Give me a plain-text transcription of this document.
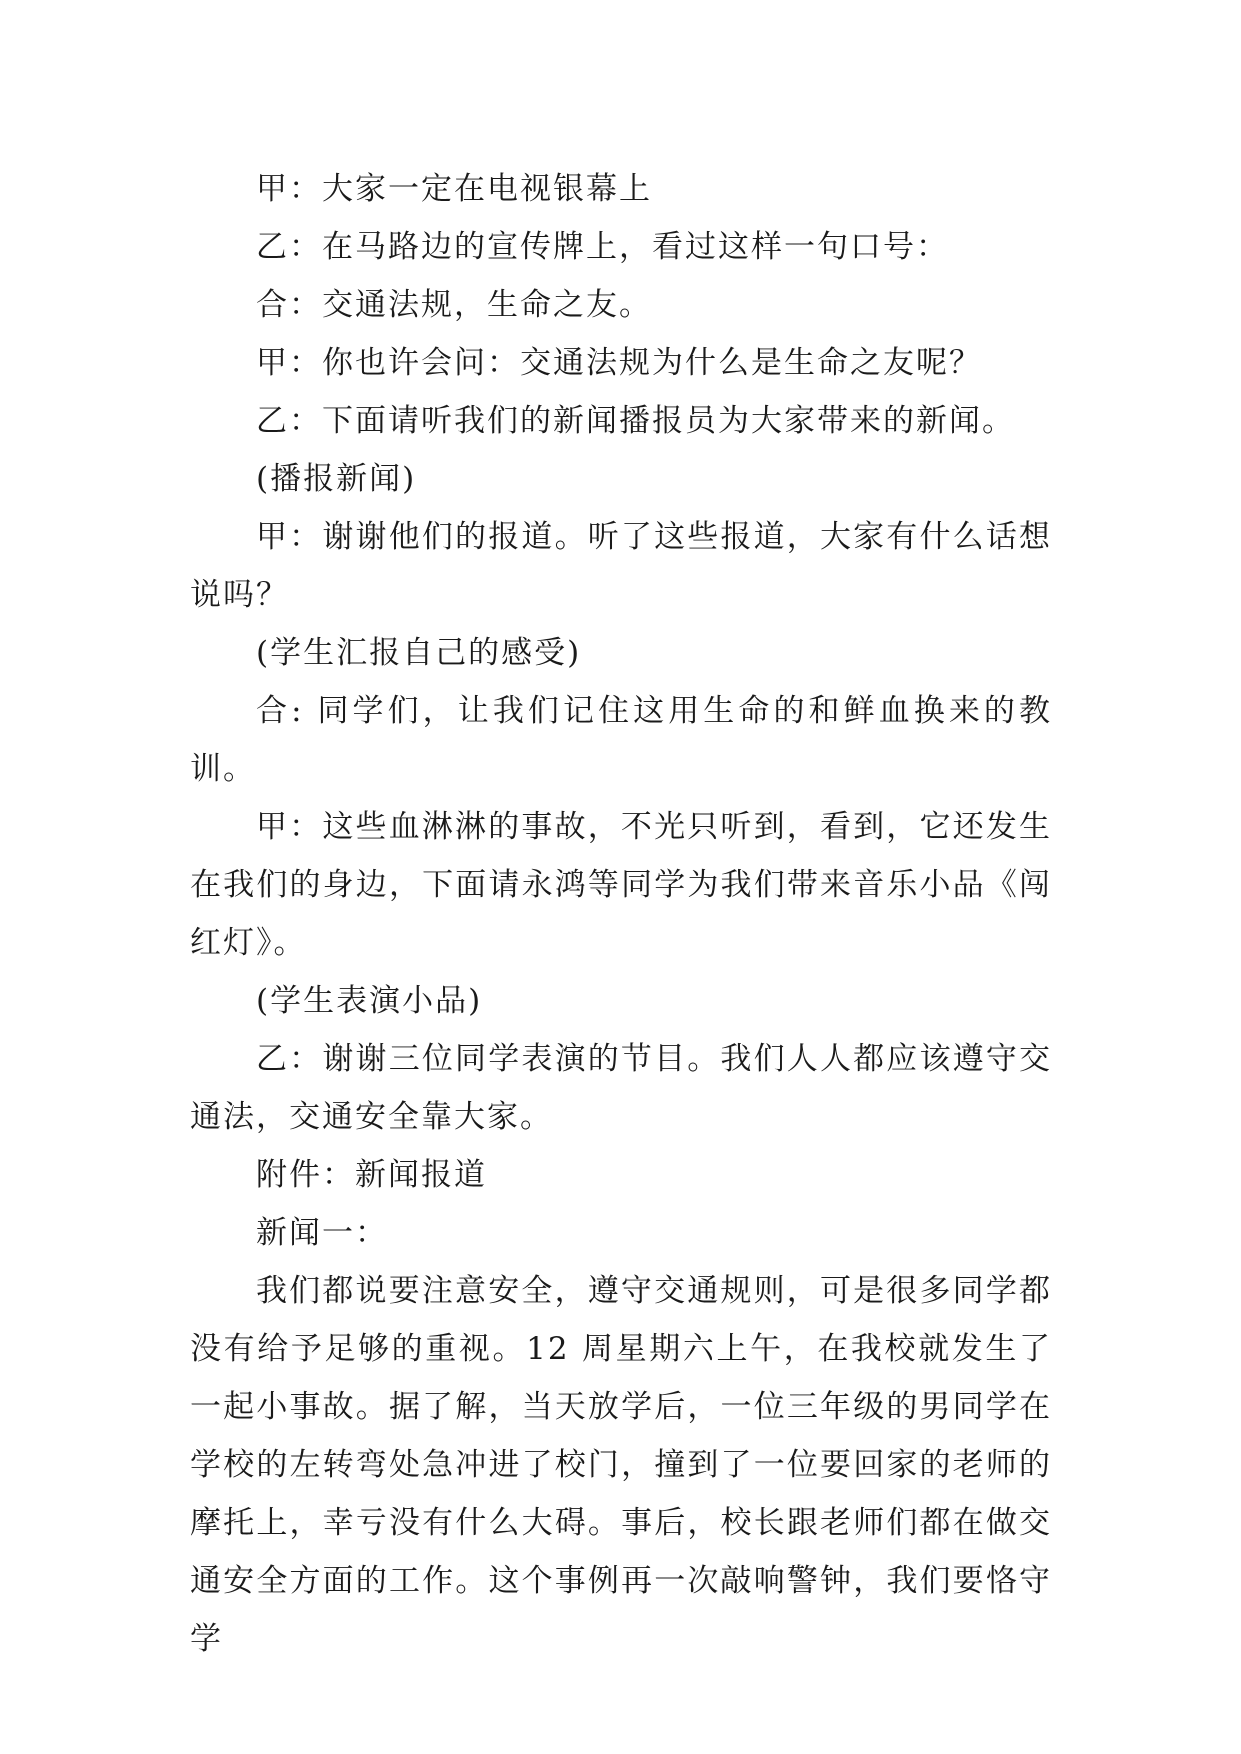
甲：大家一定在电视银幕上

乙：在马路边的宣传牌上，看过这样一句口号：

合：交通法规，生命之友。

甲：你也许会问：交通法规为什么是生命之友呢？

乙：下面请听我们的新闻播报员为大家带来的新闻。

(播报新闻)

甲：谢谢他们的报道。听了这些报道，大家有什么话想说吗？

(学生汇报自己的感受)

合: 同学们，让我们记住这用生命的和鲜血换来的教训。

甲：这些血淋淋的事故，不光只听到，看到，它还发生在我们的身边，下面请永鸿等同学为我们带来音乐小品《闯红灯》。

(学生表演小品)

乙：谢谢三位同学表演的节目。我们人人都应该遵守交通法，交通安全靠大家。

附件：新闻报道

新闻一：

我们都说要注意安全，遵守交通规则，可是很多同学都没有给予足够的重视。12 周星期六上午，在我校就发生了一起小事故。据了解，当天放学后，一位三年级的男同学在学校的左转弯处急冲进了校门，撞到了一位要回家的老师的摩托上，幸亏没有什么大碍。事后，校长跟老师们都在做交通安全方面的工作。这个事例再一次敲响警钟，我们要恪守学
